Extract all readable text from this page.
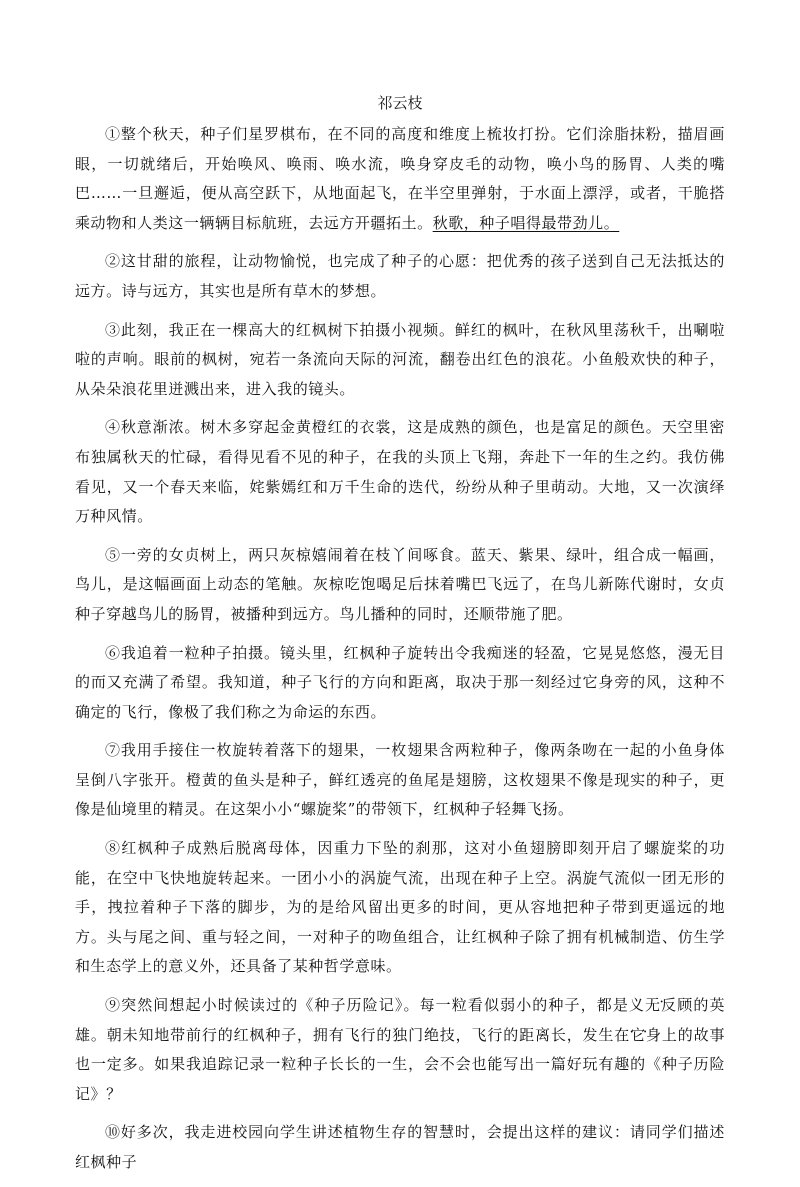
祁云枝

①整个秋天，种子们星罗棋布，在不同的高度和维度上梳妆打扮。它们涂脂抹粉，描眉画眼，一切就绪后，开始唤风、唤雨、唤水流，唤身穿皮毛的动物，唤小鸟的肠胃、人类的嘴巴……一旦邂逅，便从高空跃下，从地面起飞，在半空里弹射，于水面上漂浮，或者，干脆搭乘动物和人类这一辆辆目标航班，去远方开疆拓土。秋歌，种子唱得最带劲儿。

②这甘甜的旅程，让动物愉悦，也完成了种子的心愿：把优秀的孩子送到自己无法抵达的远方。诗与远方，其实也是所有草木的梦想。

③此刻，我正在一棵高大的红枫树下拍摄小视频。鲜红的枫叶，在秋风里荡秋千，出唰啦啦的声响。眼前的枫树，宛若一条流向天际的河流，翻卷出红色的浪花。小鱼般欢快的种子，从朵朵浪花里迸溅出来，进入我的镜头。

④秋意渐浓。树木多穿起金黄橙红的衣裳，这是成熟的颜色，也是富足的颜色。天空里密布独属秋天的忙碌，看得见看不见的种子，在我的头顶上飞翔，奔赴下一年的生之约。我仿佛看见，又一个春天来临，姹紫嫣红和万千生命的迭代，纷纷从种子里萌动。大地，又一次演绎万种风情。

⑤一旁的女贞树上，两只灰椋嬉闹着在枝丫间啄食。蓝天、紫果、绿叶，组合成一幅画，鸟儿，是这幅画面上动态的笔触。灰椋吃饱喝足后抹着嘴巴飞远了，在鸟儿新陈代谢时，女贞种子穿越鸟儿的肠胃，被播种到远方。鸟儿播种的同时，还顺带施了肥。

⑥我追着一粒种子拍摄。镜头里，红枫种子旋转出令我痴迷的轻盈，它晃晃悠悠，漫无目的而又充满了希望。我知道，种子飞行的方向和距离，取决于那一刻经过它身旁的风，这种不确定的飞行，像极了我们称之为命运的东西。

⑦我用手接住一枚旋转着落下的翅果，一枚翅果含两粒种子，像两条吻在一起的小鱼身体呈倒八字张开。橙黄的鱼头是种子，鲜红透亮的鱼尾是翅膀，这枚翅果不像是现实的种子，更像是仙境里的精灵。在这架小小“螺旋桨”的带领下，红枫种子轻舞飞扬。

⑧红枫种子成熟后脱离母体，因重力下坠的刹那，这对小鱼翅膀即刻开启了螺旋桨的功能，在空中飞快地旋转起来。一团小小的涡旋气流，出现在种子上空。涡旋气流似一团无形的手，拽拉着种子下落的脚步，为的是给风留出更多的时间，更从容地把种子带到更遥远的地方。头与尾之间、重与轻之间，一对种子的吻鱼组合，让红枫种子除了拥有机械制造、仿生学和生态学上的意义外，还具备了某种哲学意味。

⑨突然间想起小时候读过的《种子历险记》。每一粒看似弱小的种子，都是义无反顾 • • • •的英雄。朝未知地带前行的红枫种子，拥有飞行的独门绝技，飞行的距离长，发生在它身上的故事也一定多。如果我追踪记录一粒种子长长的一生，会不会也能写出一篇好玩有趣的《种子历险记》？

⑩好多次，我走进校园向学生讲述植物生存的智慧时，会提出这样的建议：请同学们描述红枫种子
